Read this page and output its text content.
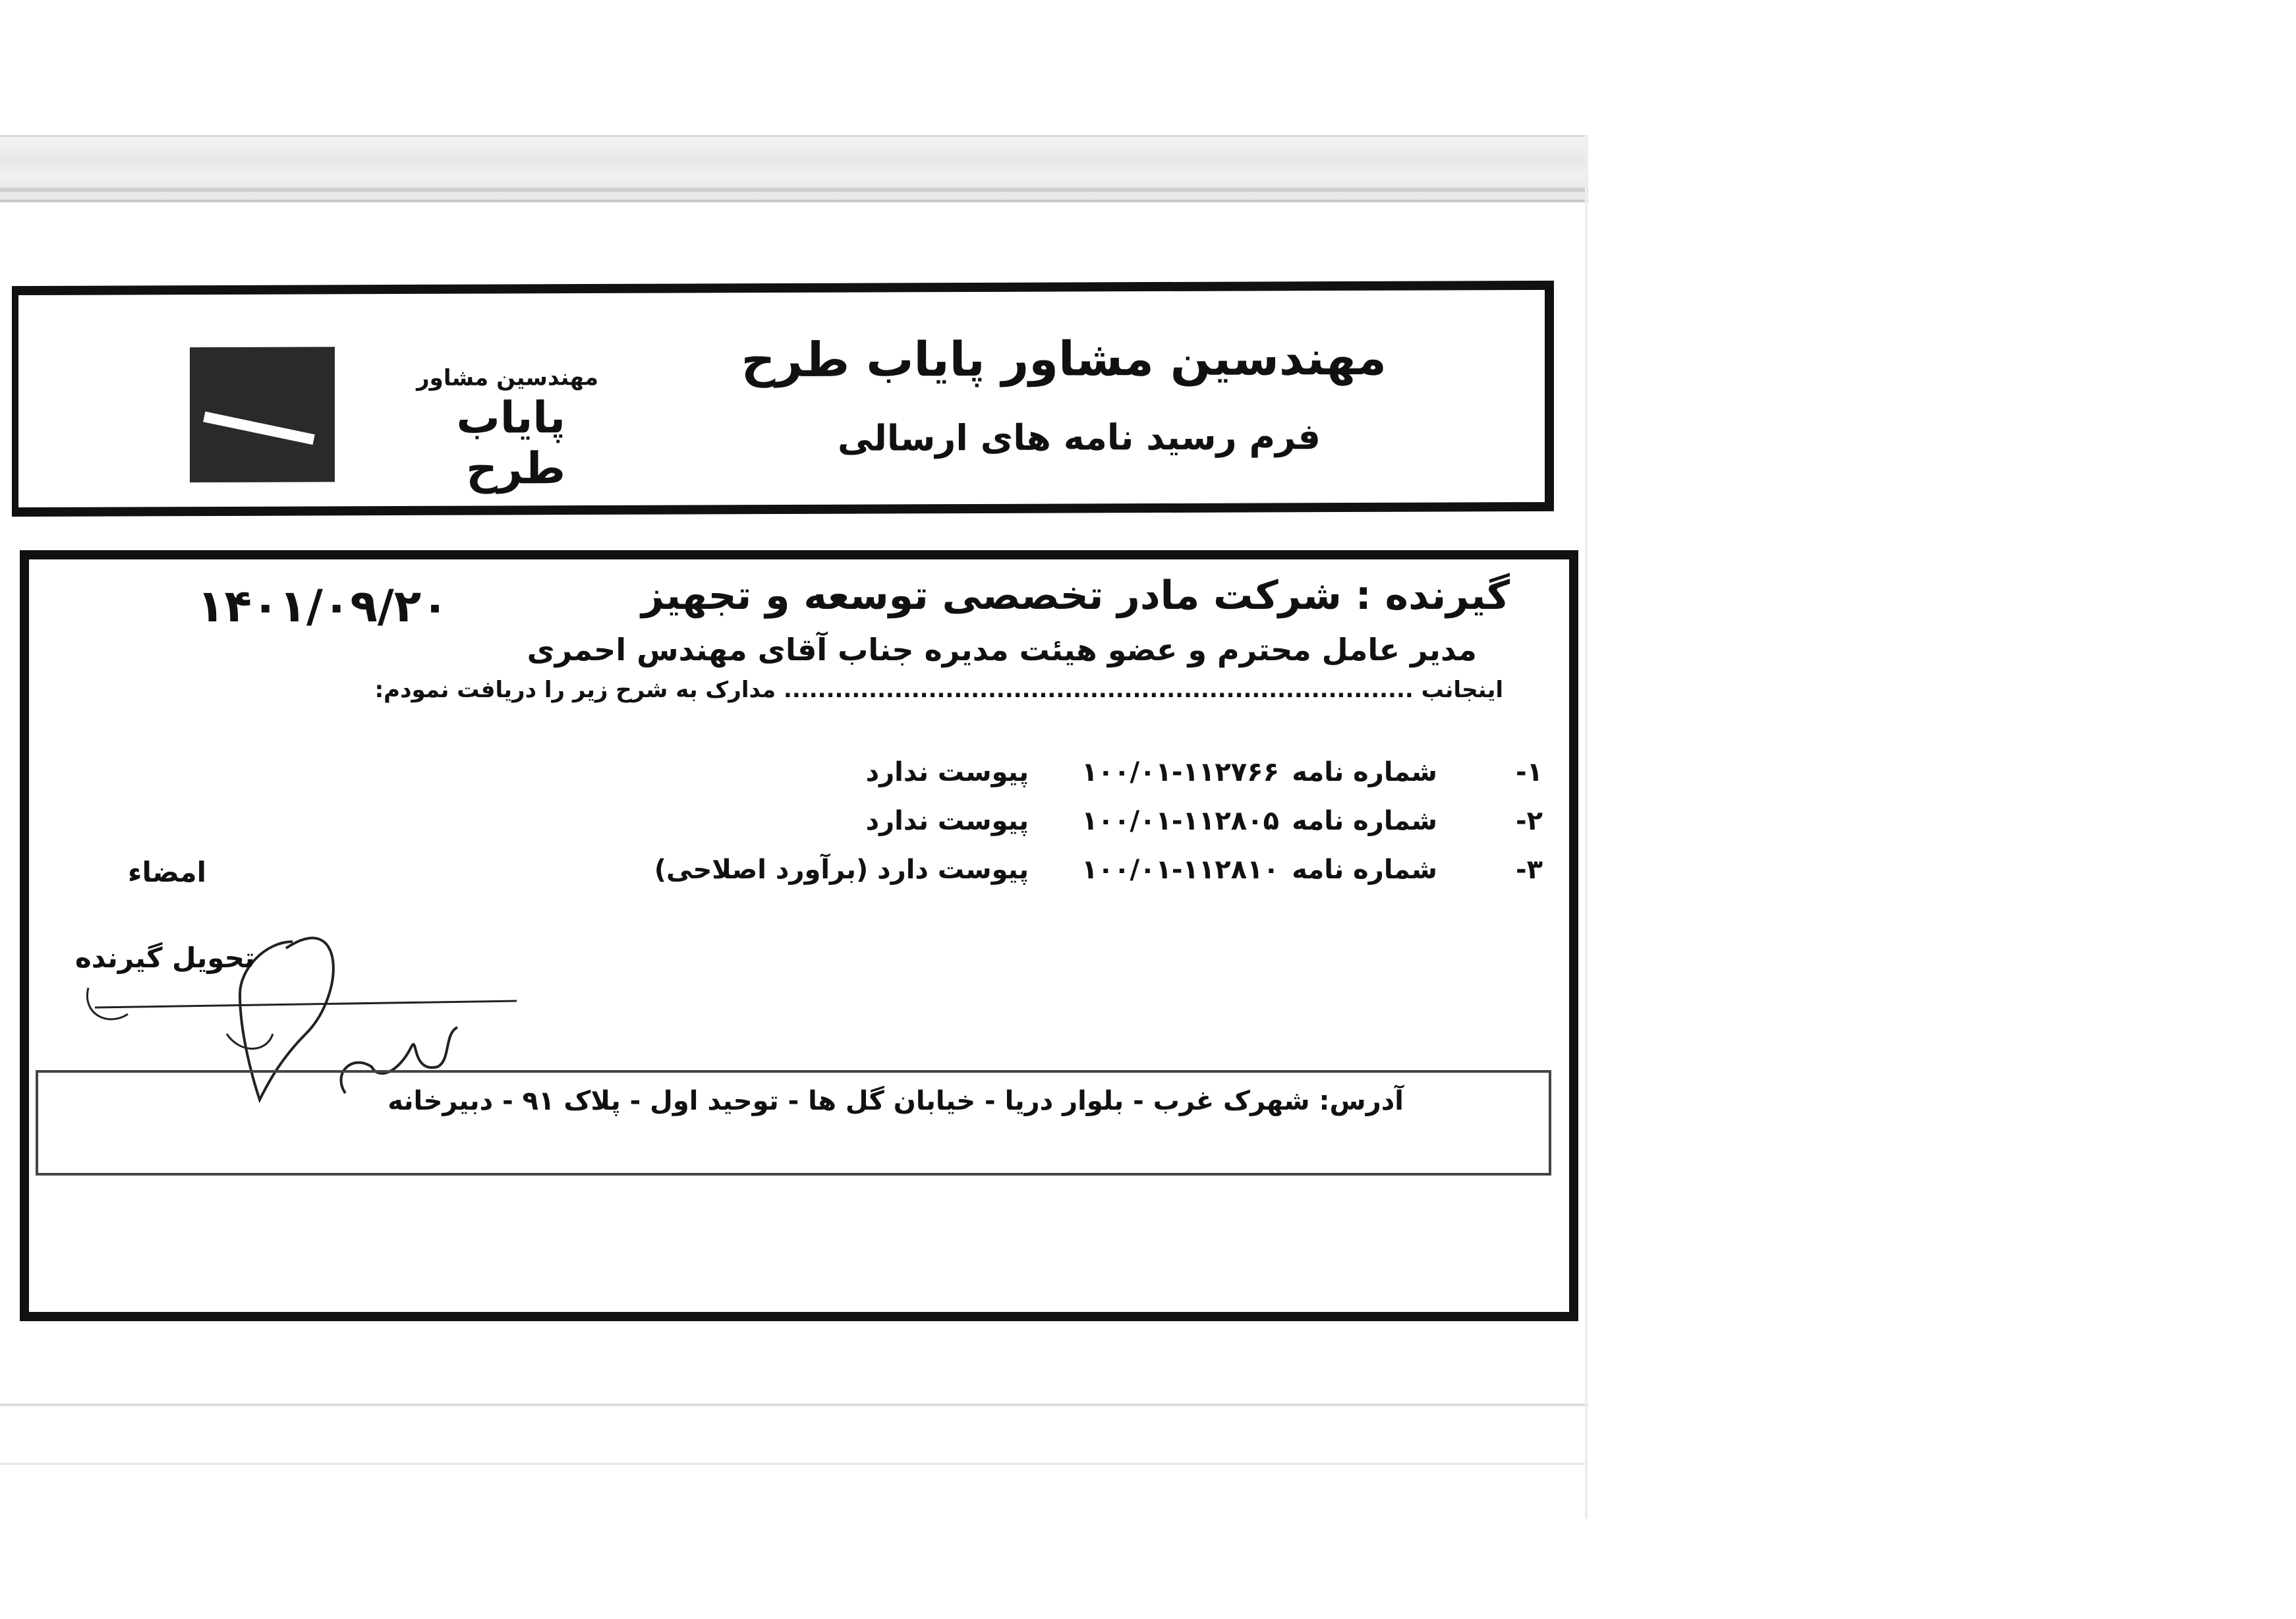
مهندسین مشاور
پایاب طرح
مهندسین مشاور پایاب طرح
فرم رسید نامه های ارسالی
۱۴۰۱/۰۹/۲۰	گیرنده : شرکت مادر تخصصی توسعه و تجهیز
مدیر عامل محترم و عضو هیئت مدیره جناب آقای مهندس احمری
اینجانب .......................................................................... مدارک به شرح زیر را دریافت نمودم:
۱-
شماره نامه
۱۰۰/۰۱-۱۱۲۷۶۶
پیوست ندارد
۲-
شماره نامه
۱۰۰/۰۱-۱۱۲۸۰۵
پیوست ندارد
۳-
شماره نامه
۱۰۰/۰۱-۱۱۲۸۱۰
پیوست دارد (برآورد اصلاحی)
امضاء
تحویل گیرنده
آدرس: شهرک غرب - بلوار دریا - خیابان گل ها - توحید اول - پلاک ۹۱ - دبیرخانه
